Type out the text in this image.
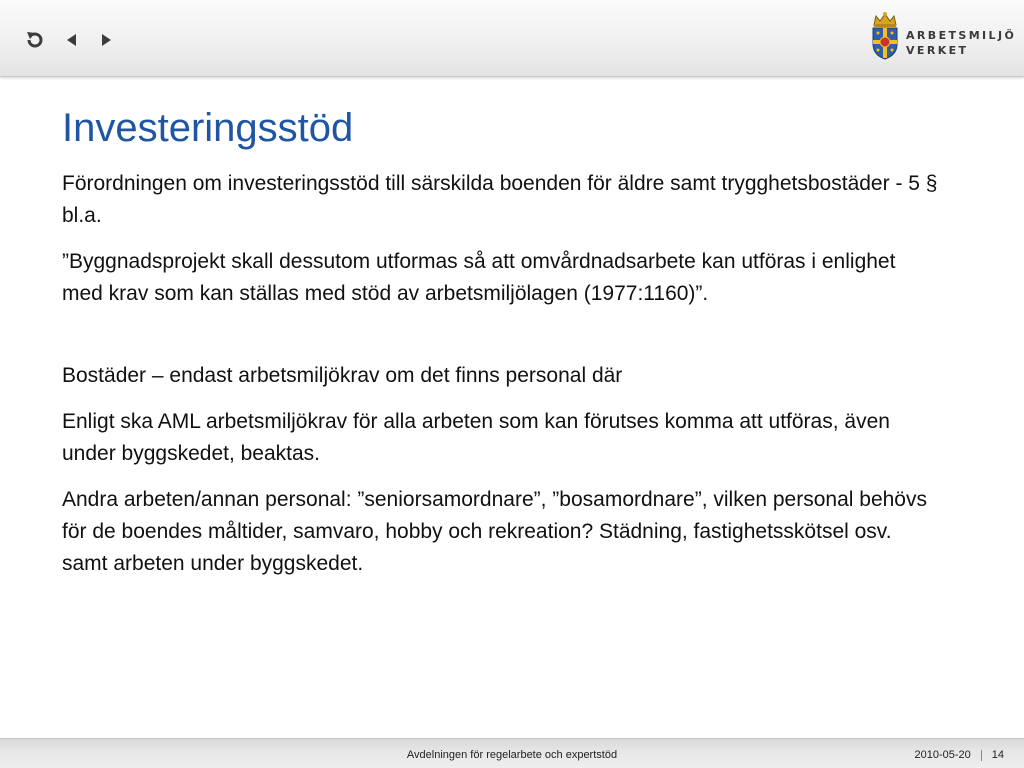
ARBETSMILJÖ
VERKET
Investeringsstöd

Förordningen om investeringsstöd till särskilda boenden för äldre samt trygghetsbostäder - 5 § bl.a.

”Byggnadsprojekt skall dessutom utformas så att omvårdnadsarbete kan utföras i enlighet med krav som kan ställas med stöd av arbetsmiljölagen (1977:1160)”.

Bostäder – endast arbetsmiljökrav om det finns personal där

Enligt ska AML arbetsmiljökrav för alla arbeten som kan förutses komma att utföras, även under byggskedet, beaktas.

Andra arbeten/annan personal: ”seniorsamordnare”, ”bosamordnare”, vilken personal behövs för de boendes måltider, samvaro, hobby och rekreation? Städning, fastighetsskötsel osv. samt arbeten under byggskedet.

Avdelningen för regelarbete och expertstöd	2010-05-20 14
